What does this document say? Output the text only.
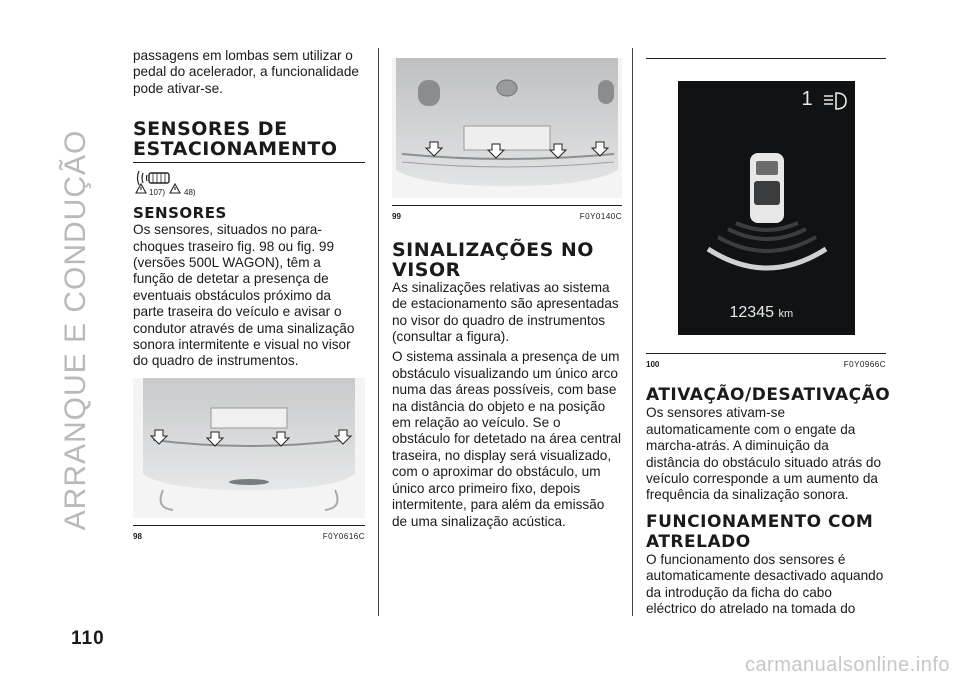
ARRANQUE E CONDUÇÃO

passagens em lombas sem utilizar o pedal do acelerador, a funcionalidade pode ativar-se.

SENSORES DE ESTACIONAMENTO
107) 48)
SENSORES

Os sensores, situados no para-choques traseiro fig. 98 ou fig. 99 (versões 500L WAGON), têm a função de detetar a presença de eventuais obstáculos próximo da parte traseira do veículo e avisar o condutor através de uma sinalização sonora intermitente e visual no visor do quadro de instrumentos.

98	F0Y0616C
99	F0Y0140C
SINALIZAÇÕES NO VISOR

As sinalizações relativas ao sistema de estacionamento são apresentadas no visor do quadro de instrumentos (consultar a figura).

O sistema assinala a presença de um obstáculo visualizando um único arco numa das áreas possíveis, com base na distância do objeto e na posição em relação ao veículo. Se o obstáculo for detetado na área central traseira, no display será visualizado, com o aproximar do obstáculo, um único arco primeiro fixo, depois intermitente, para além da emissão de uma sinalização acústica.

1
12345 km
100	F0Y0966C
ATIVAÇÃO/DESATIVAÇÃO

Os sensores ativam-se automaticamente com o engate da marcha-atrás. A diminuição da distância do obstáculo situado atrás do veículo corresponde a um aumento da frequência da sinalização sonora.

FUNCIONAMENTO COM ATRELADO

O funcionamento dos sensores é automaticamente desactivado aquando da introdução da ficha do cabo eléctrico do atrelado na tomada do

110
carmanualsonline.info
